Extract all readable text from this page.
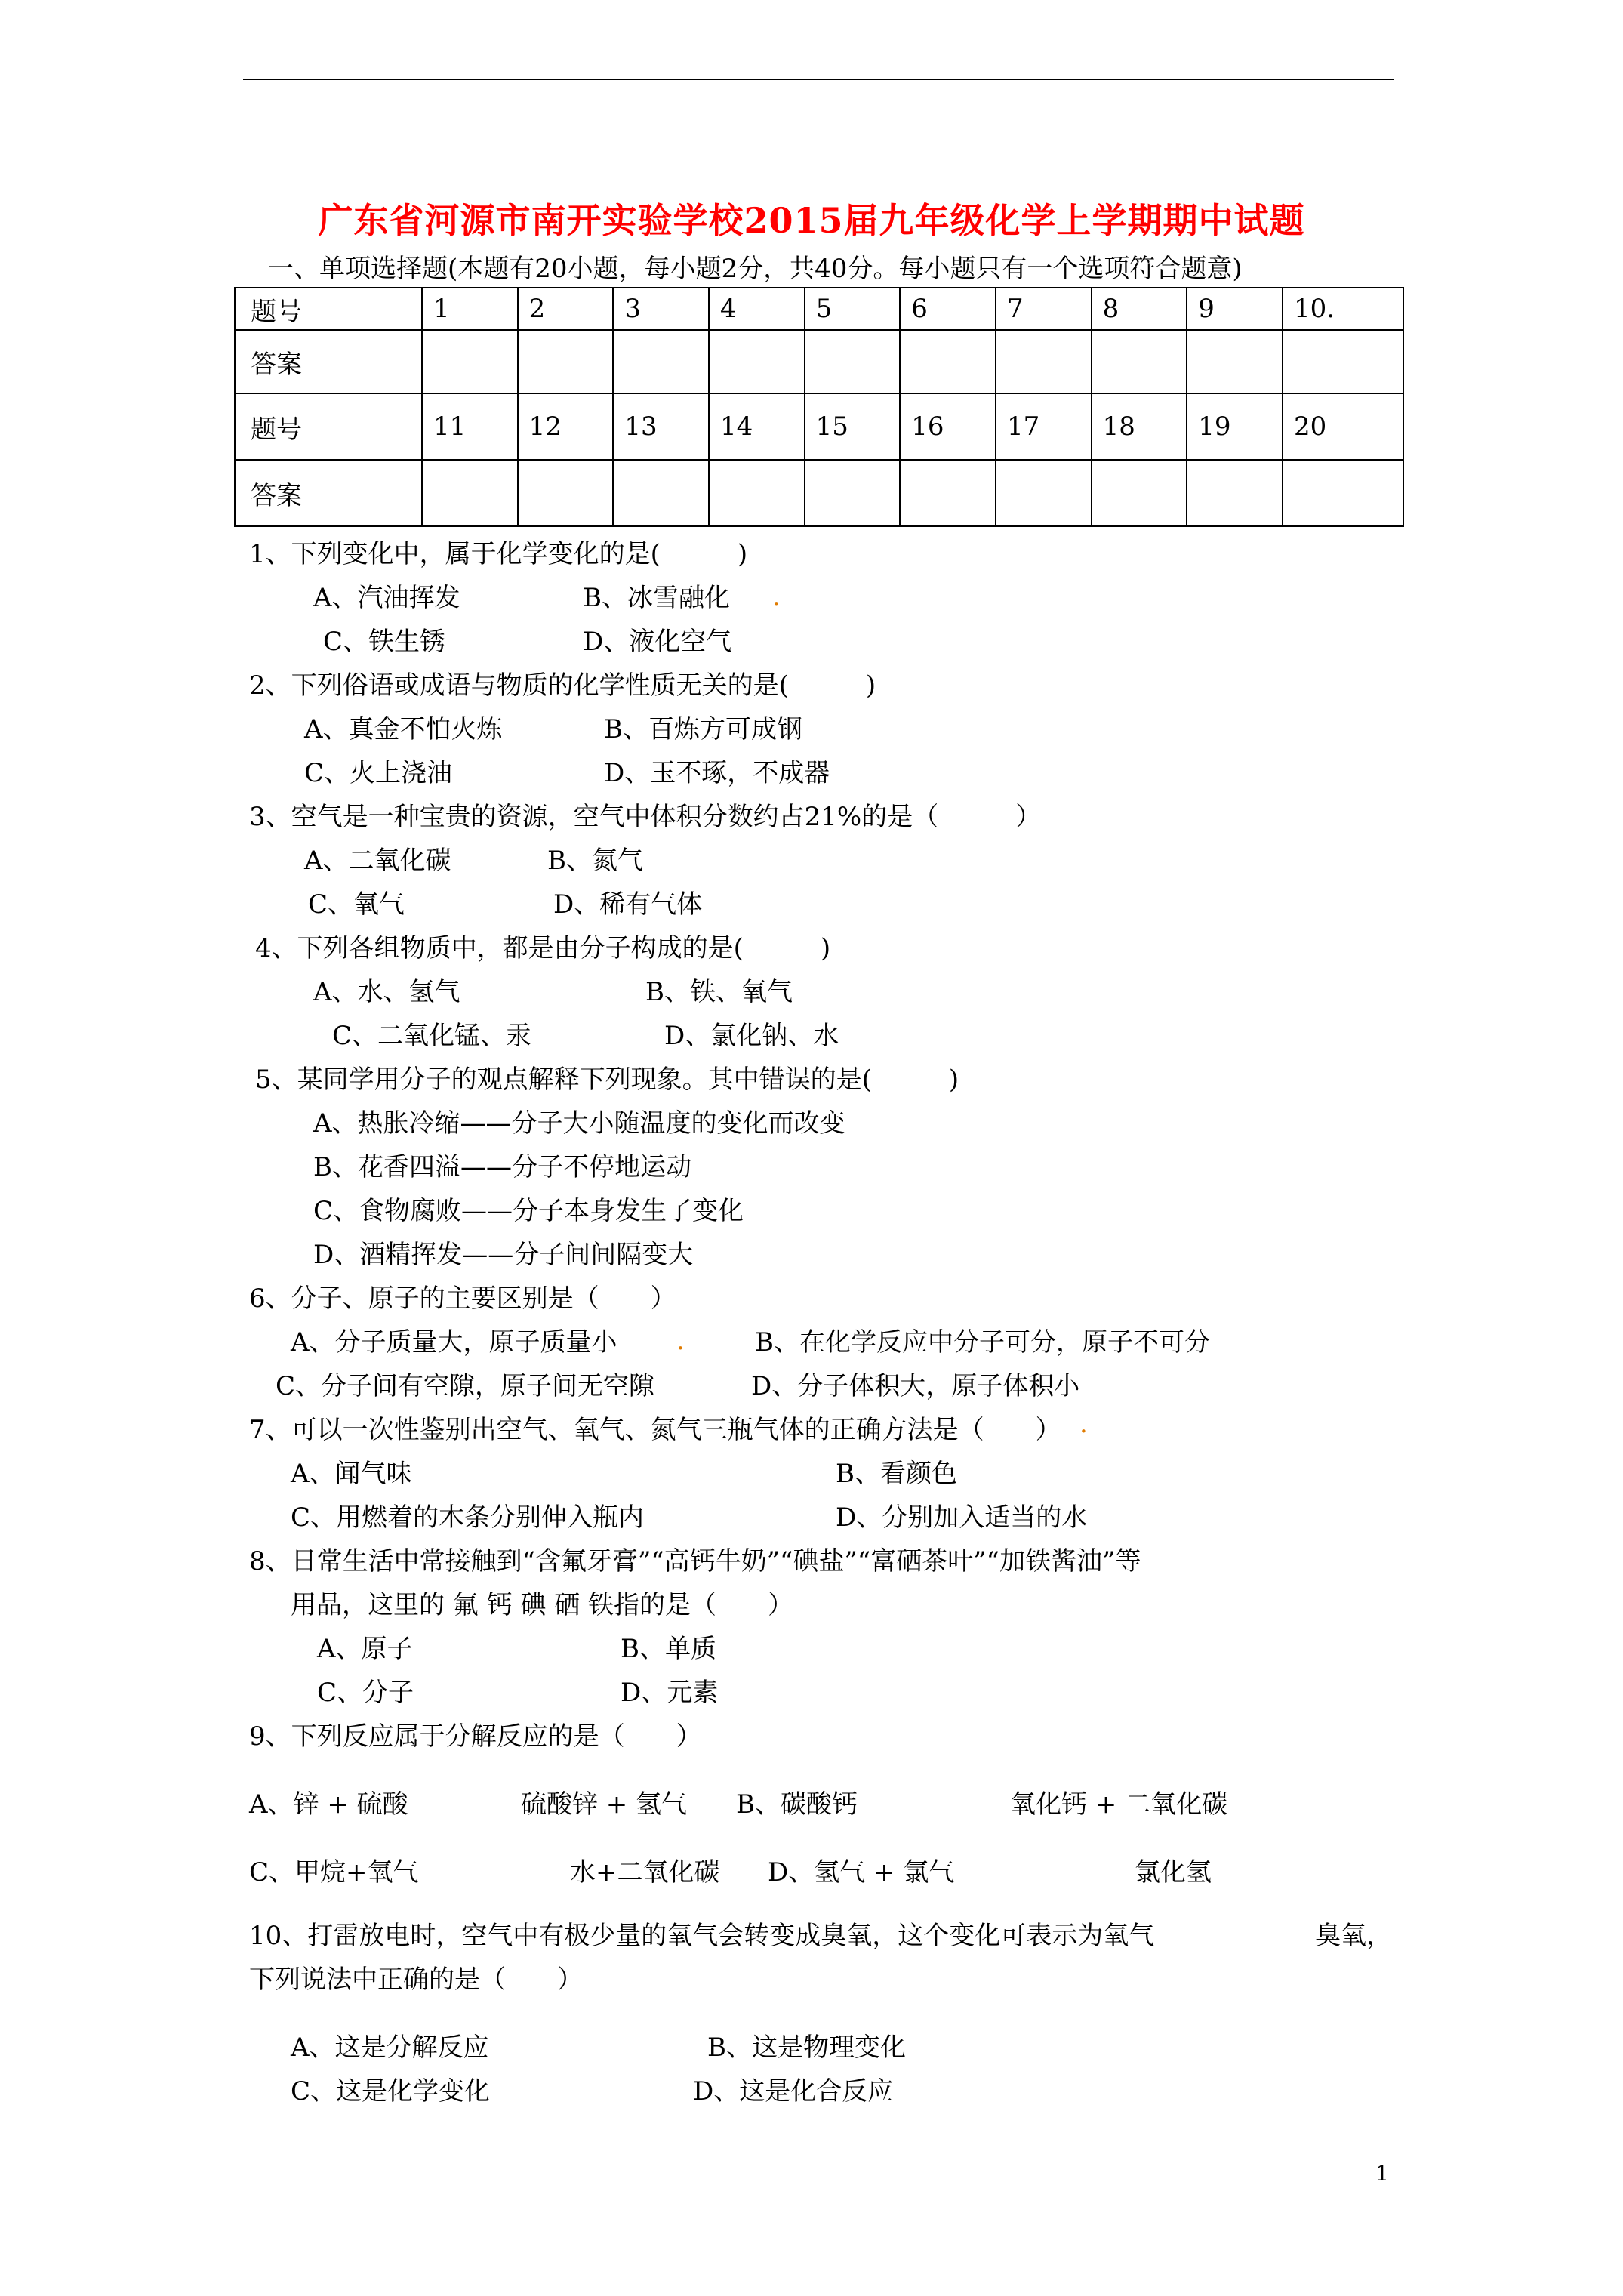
广东省河源市南开实验学校2015届九年级化学上学期期中试题
一、单项选择题(本题有20小题，每小题2分，共40分。每小题只有一个选项符合题意)
题号	1	2	3	4	5	6	7	8	9	10.
答案										
题号	11	12	13	14	15	16	17	18	19	20
答案										
1、下列变化中，属于化学变化的是(　　　)
A、汽油挥发	B、冰雪融化
C、铁生锈	D、液化空气
2、下列俗语或成语与物质的化学性质无关的是(　　　)
A、真金不怕火炼	B、百炼方可成钢
C、火上浇油	D、玉不琢，不成器
3、空气是一种宝贵的资源，空气中体积分数约占21%的是（　　　）
A、二氧化碳	B、氮气
C、氧气	D、稀有气体
4、下列各组物质中，都是由分子构成的是(　　　)
A、水、氢气	B、铁、氧气
C、二氧化锰、汞	D、氯化钠、水
5、某同学用分子的观点解释下列现象。其中错误的是(　　　)
A、热胀冷缩——分子大小随温度的变化而改变
B、花香四溢——分子不停地运动
C、食物腐败——分子本身发生了变化
D、酒精挥发——分子间间隔变大
6、分子、原子的主要区别是（　　）
A、分子质量大，原子质量小	B、在化学反应中分子可分，原子不可分
C、分子间有空隙，原子间无空隙	D、分子体积大，原子体积小
7、可以一次性鉴别出空气、氧气、氮气三瓶气体的正确方法是（　　）
A、闻气味	B、看颜色
C、用燃着的木条分别伸入瓶内	D、分别加入适当的水
8、日常生活中常接触到“含氟牙膏”“高钙牛奶”“碘盐”“富硒茶叶”“加铁酱油”等
用品，这里的 氟 钙 碘 硒 铁指的是（　　）
A、原子	B、单质
C、分子	D、元素
9、下列反应属于分解反应的是（　　）
A、锌 + 硫酸	硫酸锌 + 氢气 B、碳酸钙	氧化钙 + 二氧化碳
C、甲烷+氧气	水+二氧化碳 D、氢气 + 氯气	氯化氢
10、打雷放电时，空气中有极少量的氧气会转变成臭氧，这个变化可表示为氧气	臭氧，
下列说法中正确的是（　　）
A、这是分解反应	B、这是物理变化
C、这是化学变化	D、这是化合反应
.
.
.
1
